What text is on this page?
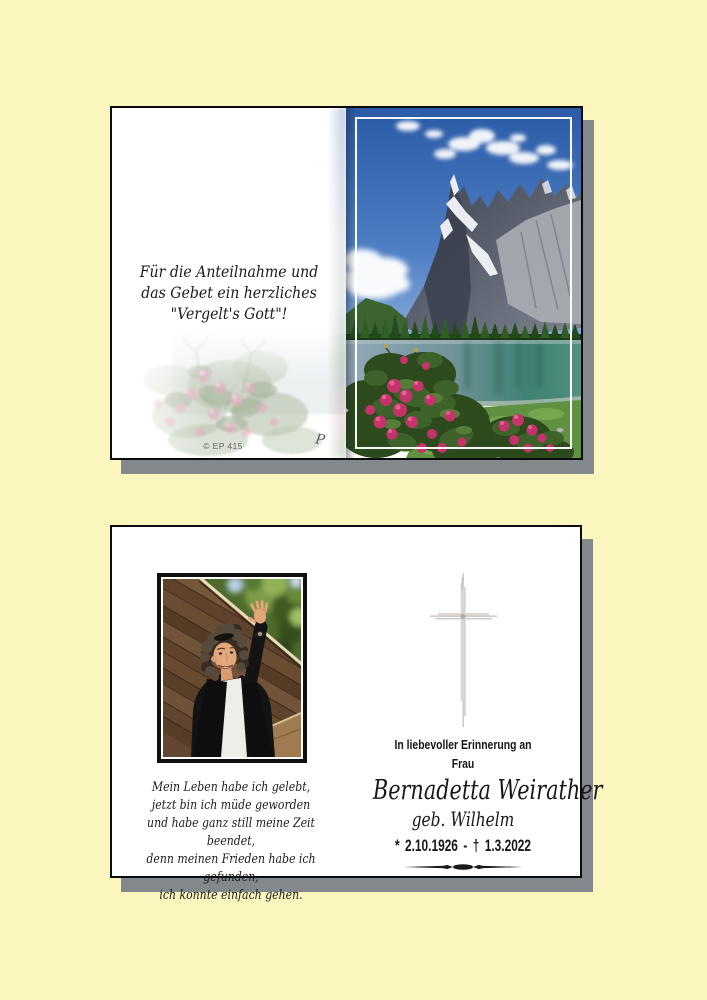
Für die Anteilnahme und
das Gebet ein herzliches
"Vergelt's Gott"!
© EP 415	P
Mein Leben habe ich gelebt,
jetzt bin ich müde geworden
und habe ganz still meine Zeit beendet,
denn meinen Frieden habe ich gefunden,
ich konnte einfach gehen.
In liebevoller Erinnerung an
Frau
Bernadetta Weirather
geb. Wilhelm
* 2.10.1926 - † 1.3.2022
